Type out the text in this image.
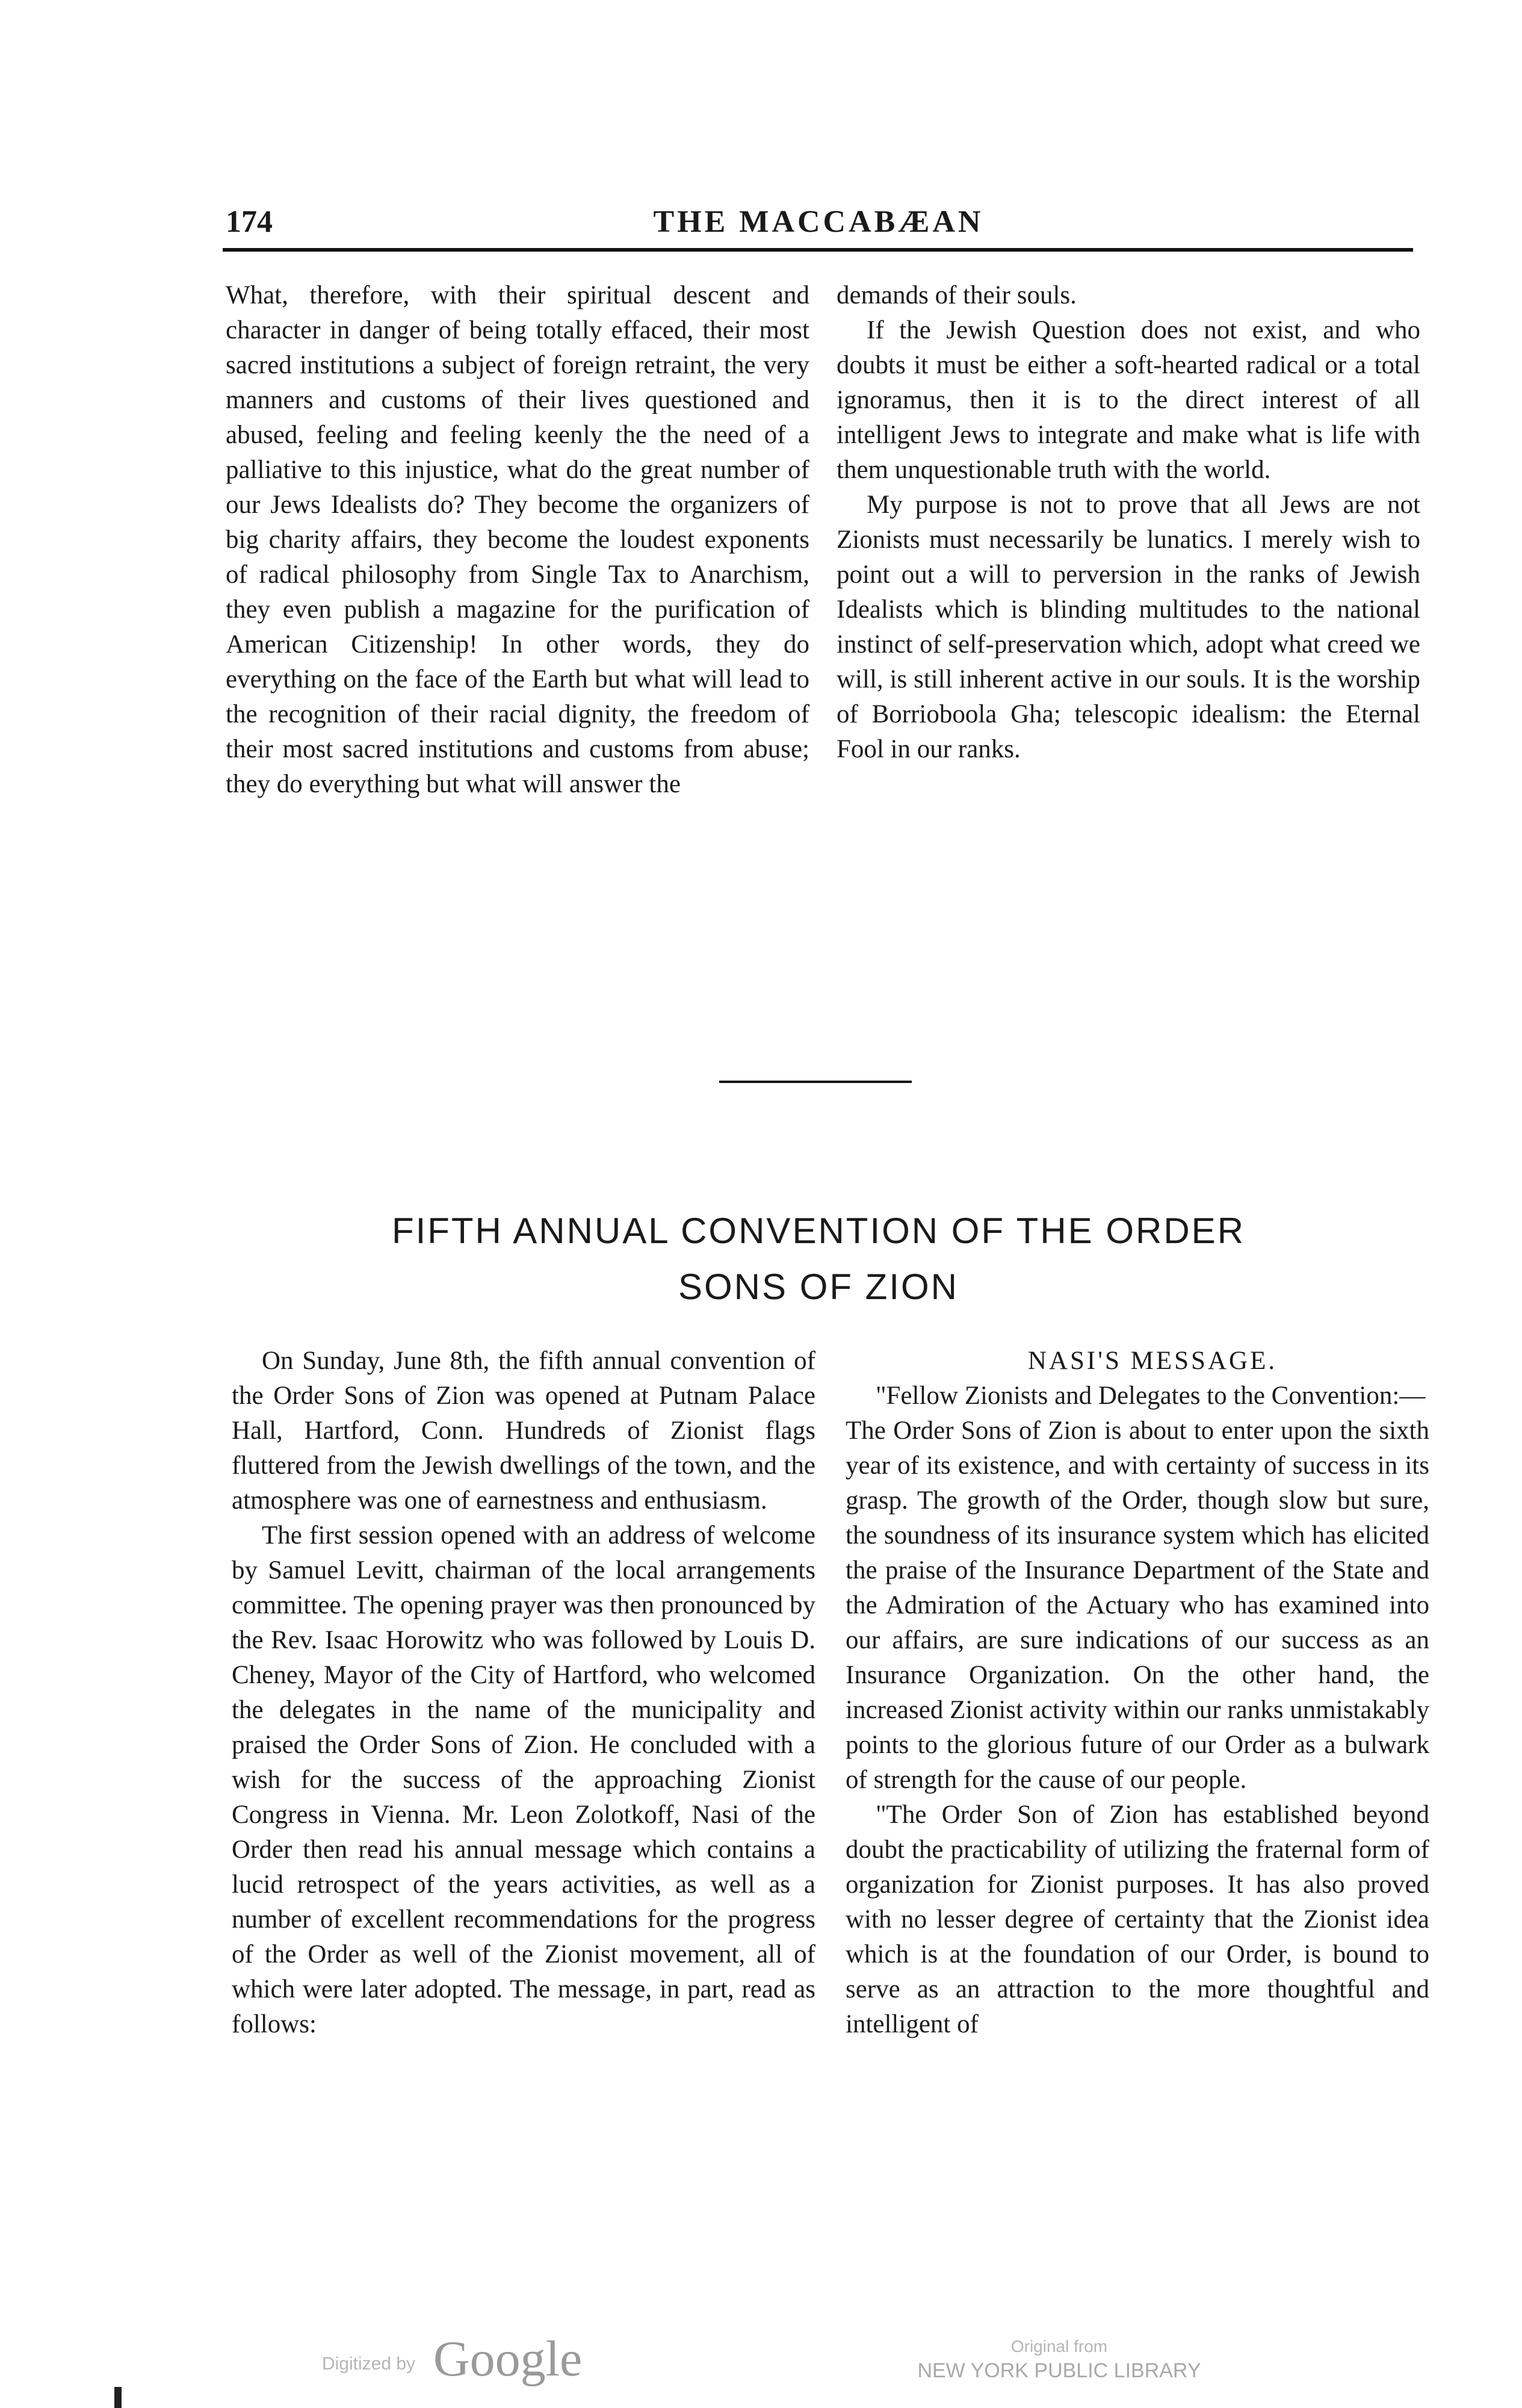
174	THE MACCABÆAN

What, therefore, with their spiritual descent and character in danger of being totally effaced, their most sacred institutions a subject of foreign retraint, the very manners and customs of their lives questioned and abused, feeling and feeling keenly the the need of a palliative to this injustice, what do the great number of our Jews Idealists do? They become the organizers of big charity affairs, they become the loudest exponents of radical philosophy from Single Tax to Anarchism, they even publish a magazine for the purification of American Citizenship! In other words, they do everything on the face of the Earth but what will lead to the recognition of their racial dignity, the freedom of their most sacred institutions and customs from abuse; they do everything but what will answer the

demands of their souls.

If the Jewish Question does not exist, and who doubts it must be either a soft-hearted radical or a total ignoramus, then it is to the direct interest of all intelligent Jews to integrate and make what is life with them unquestionable truth with the world.

My purpose is not to prove that all Jews are not Zionists must necessarily be lunatics. I merely wish to point out a will to perversion in the ranks of Jewish Idealists which is blinding multitudes to the national instinct of self-preservation which, adopt what creed we will, is still inherent active in our souls. It is the worship of Borrioboola Gha; telescopic idealism: the Eternal Fool in our ranks.

FIFTH ANNUAL CONVENTION OF THE ORDER
SONS OF ZION

On Sunday, June 8th, the fifth annual convention of the Order Sons of Zion was opened at Putnam Palace Hall, Hartford, Conn. Hundreds of Zionist flags fluttered from the Jewish dwellings of the town, and the atmosphere was one of earnestness and enthusiasm.

The first session opened with an address of welcome by Samuel Levitt, chairman of the local arrangements committee. The opening prayer was then pronounced by the Rev. Isaac Horowitz who was followed by Louis D. Cheney, Mayor of the City of Hartford, who welcomed the delegates in the name of the municipality and praised the Order Sons of Zion. He concluded with a wish for the success of the approaching Zionist Congress in Vienna. Mr. Leon Zolotkoff, Nasi of the Order then read his annual message which contains a lucid retrospect of the years activities, as well as a number of excellent recommendations for the progress of the Order as well of the Zionist movement, all of which were later adopted. The message, in part, read as follows:

NASI'S MESSAGE.

"Fellow Zionists and Delegates to the Convention:—

The Order Sons of Zion is about to enter upon the sixth year of its existence, and with certainty of success in its grasp. The growth of the Order, though slow but sure, the soundness of its insurance system which has elicited the praise of the Insurance Department of the State and the Admiration of the Actuary who has examined into our affairs, are sure indications of our success as an Insurance Organization. On the other hand, the increased Zionist activity within our ranks unmistakably points to the glorious future of our Order as a bulwark of strength for the cause of our people.

"The Order Son of Zion has established beyond doubt the practicability of utilizing the fraternal form of organization for Zionist purposes. It has also proved with no lesser degree of certainty that the Zionist idea which is at the foundation of our Order, is bound to serve as an attraction to the more thoughtful and intelligent of

Digitized by Google	Original from
NEW YORK PUBLIC LIBRARY
